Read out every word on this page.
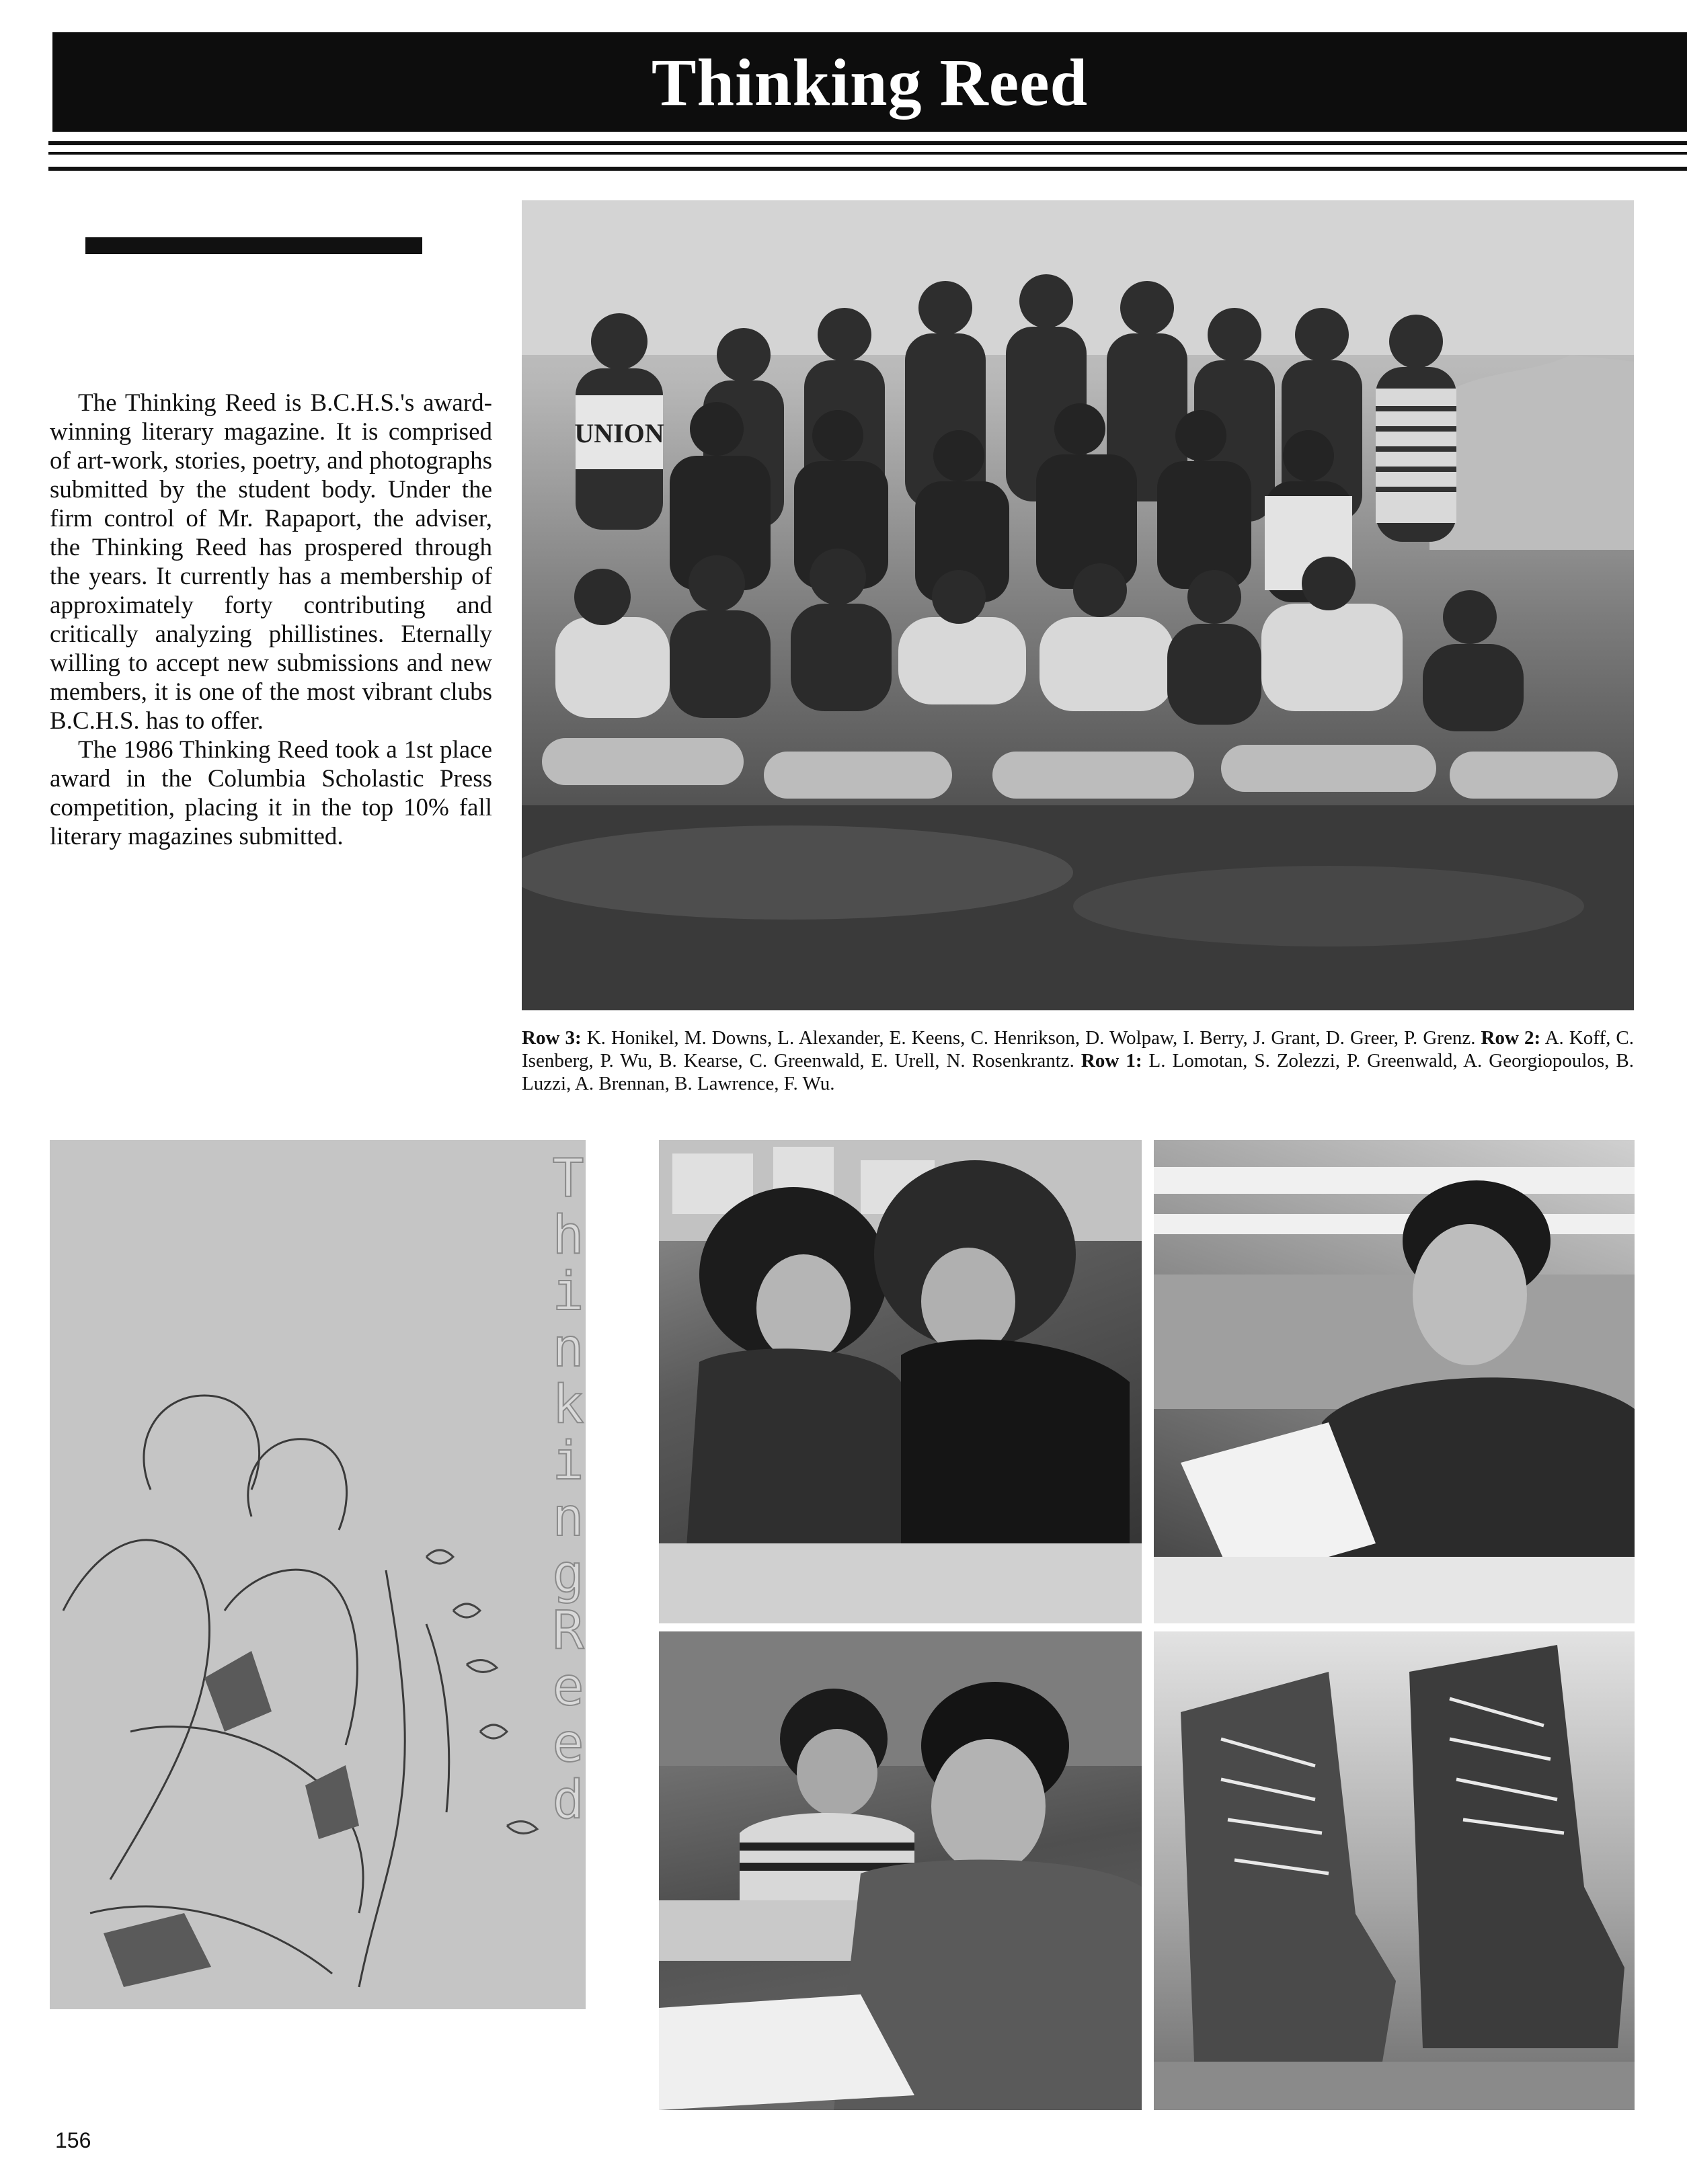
Thinking Reed

The Thinking Reed is B.C.H.S.'s award-winning literary magazine. It is comprised of art-work, stories, poetry, and photographs submitted by the student body. Under the firm control of Mr. Rapaport, the adviser, the Thinking Reed has prospered through the years. It currently has a membership of approximately forty contributing and critically analyzing phillistines. Eternally willing to accept new submissions and new members, it is one of the most vibrant clubs B.C.H.S. has to offer.

The 1986 Thinking Reed took a 1st place award in the Columbia Scholastic Press competition, placing it in the top 10% fall literary magazines submitted.

UNION
Row 3: K. Honikel, M. Downs, L. Alexander, E. Keens, C. Henrikson, D. Wolpaw, I. Berry, J. Grant, D. Greer, P. Grenz. Row 2: A. Koff, C. Isenberg, P. Wu, B. Kearse, C. Greenwald, E. Urell, N. Rosenkrantz. Row 1: L. Lomotan, S. Zolezzi, P. Greenwald, A. Georgiopoulos, B. Luzzi, A. Brennan, B. Lawrence, F. Wu.
Thinking Reed
156
